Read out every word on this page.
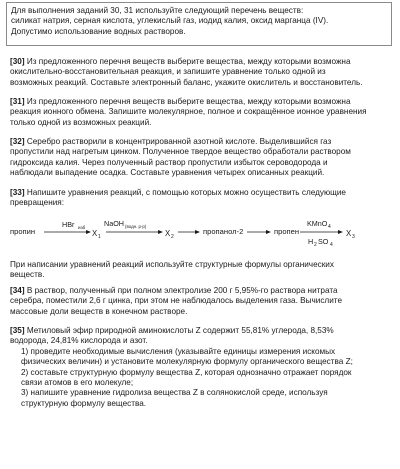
Для выполнения заданий 30, 31 используйте следующий перечень веществ:
силикат натрия, серная кислота, углекислый газ, иодид калия, оксид марганца (IV).
Допустимо использование водных растворов.
[30] Из предложенного перечня веществ выберите вещества, между которыми возможна
окислительно-восстановительная реакция, и запишите уравнение только одной из
возможных реакций. Составьте электронный баланс, укажите окислитель и восстановитель.
[31] Из предложенного перечня веществ выберите вещества, между которыми возможна
реакция ионного обмена. Запишите молекулярное, полное и сокращённое ионное уравнения
только одной из возможных реакций.
[32] Серебро растворили в концентрированной азотной кислоте. Выделившийся газ
пропустили над нагретым цинком. Полученное твердое вещество обработали раствором
гидроксида калия. Через полученный раствор пропустили избыток сероводорода и
наблюдали выпадение осадка. Составьте уравнения четырех описанных реакций.
[33] Напишите уравнения реакций, с помощью которых можно осуществить следующие
превращения:
пропин
HBr изб
X 1
NaOH (водн. р-р)
X 2
пропанол-2	пропен
KMnO 4
H 2 SO 4
X 3
При написании уравнений реакций используйте структурные формулы органических
веществ.
[34] В раствор, полученный при полном электролизе 200 г 5,95%-го раствора нитрата
серебра, поместили 2,6 г цинка, при этом не наблюдалось выделения газа. Вычислите
массовые доли веществ в конечном растворе.
[35] Метиловый эфир природной аминокислоты Z содержит 55,81% углерода, 8,53%
водорода, 24,81% кислорода и азот.
1) проведите необходимые вычисления (указывайте единицы измерения искомых
физических величин) и установите молекулярную формулу органического вещества Z;
2) составьте структурную формулу вещества Z, которая однозначно отражает порядок
связи атомов в его молекуле;
3) напишите уравнение гидролиза вещества Z в солянокислой среде, используя
структурную формулу вещества.
